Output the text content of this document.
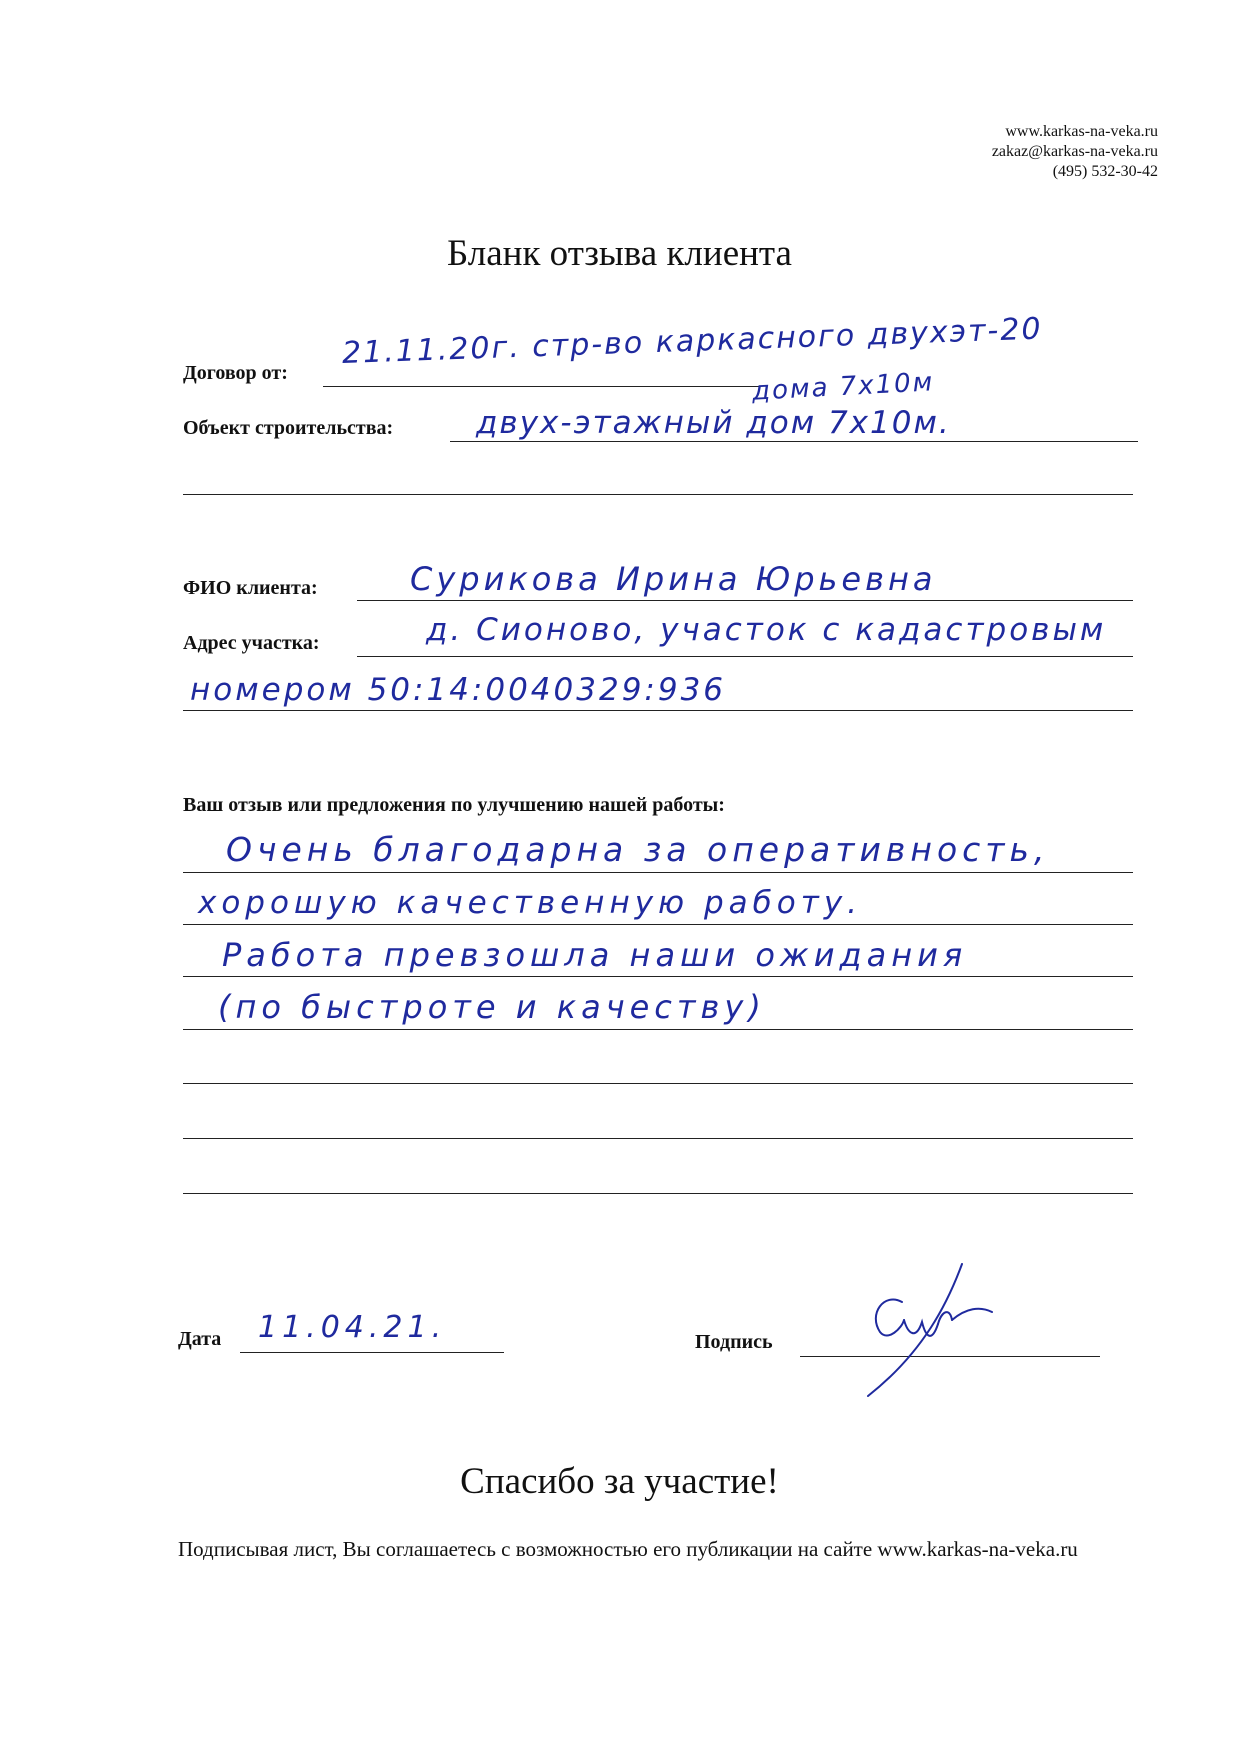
www.karkas-na-veka.ru
zakaz@karkas-na-veka.ru
(495) 532-30-42
Бланк отзыва клиента
Договор от:
21.11.20г. стр-во каркасного двухэт-20
дома 7х10м
Объект строительства:	двух-этажный дом 7х10м.
ФИО клиента:	Сурикова Ирина Юрьевна
Адрес участка:	д. Сионово, участок с кадастровым
номером 50:14:0040329:936
Ваш отзыв или предложения по улучшению нашей работы:
Очень благодарна за оперативность,
хорошую качественную работу.
Работа превзошла наши ожидания
(по быстроте и качеству)
Дата 11.04.21.	Подпись
Спасибо за участие!
Подписывая лист, Вы соглашаетесь с возможностью его публикации на сайте www.karkas-na-veka.ru
